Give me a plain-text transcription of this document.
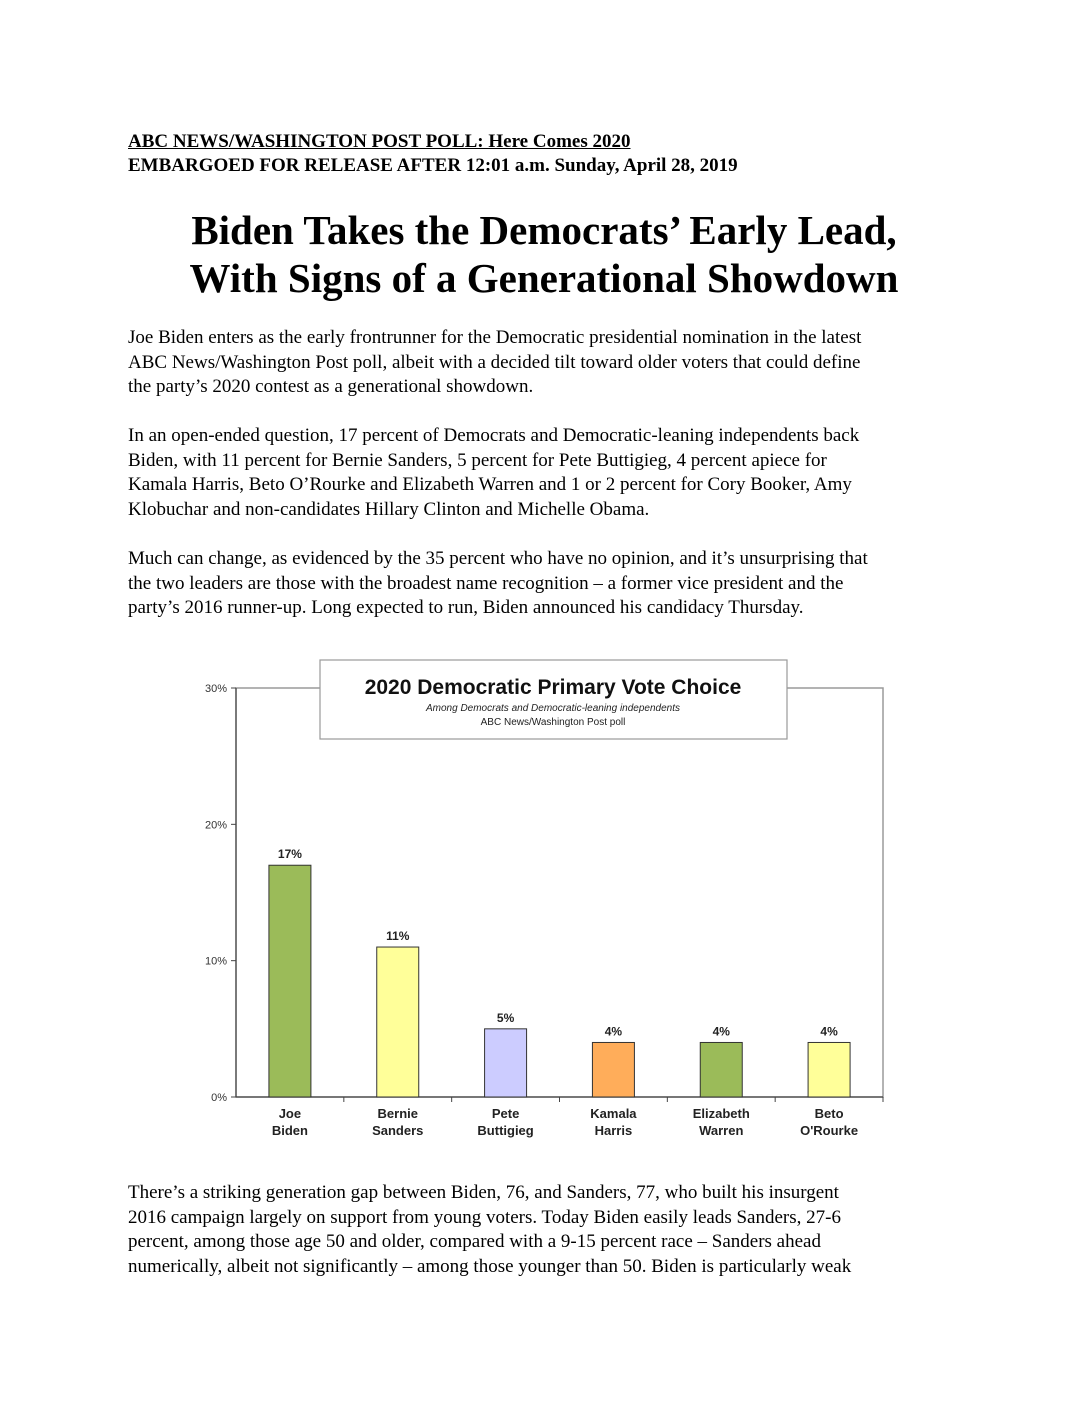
ABC NEWS/WASHINGTON POST POLL: Here Comes 2020
EMBARGOED FOR RELEASE AFTER 12:01 a.m. Sunday, April 28, 2019
Biden Takes the Democrats’ Early Lead,
With Signs of a Generational Showdown
Joe Biden enters as the early frontrunner for the Democratic presidential nomination in the latest
ABC News/Washington Post poll, albeit with a decided tilt toward older voters that could define
the party’s 2020 contest as a generational showdown.
In an open-ended question, 17 percent of Democrats and Democratic-leaning independents back
Biden, with 11 percent for Bernie Sanders, 5 percent for Pete Buttigieg, 4 percent apiece for
Kamala Harris, Beto O’Rourke and Elizabeth Warren and 1 or 2 percent for Cory Booker, Amy
Klobuchar and non-candidates Hillary Clinton and Michelle Obama.
Much can change, as evidenced by the 35 percent who have no opinion, and it’s unsurprising that
the two leaders are those with the broadest name recognition – a former vice president and the
party’s 2016 runner-up. Long expected to run, Biden announced his candidacy Thursday.
0%
10%
20%
30%
17%
Joe
Biden
11%
Bernie
Sanders
5%
Pete
Buttigieg
4%
Kamala
Harris
4%
Elizabeth
Warren
4%
Beto
O'Rourke
2020 Democratic Primary Vote Choice
Among Democrats and Democratic-leaning independents
ABC News/Washington Post poll
There’s a striking generation gap between Biden, 76, and Sanders, 77, who built his insurgent
2016 campaign largely on support from young voters. Today Biden easily leads Sanders, 27-6
percent, among those age 50 and older, compared with a 9-15 percent race – Sanders ahead
numerically, albeit not significantly – among those younger than 50. Biden is particularly weak
